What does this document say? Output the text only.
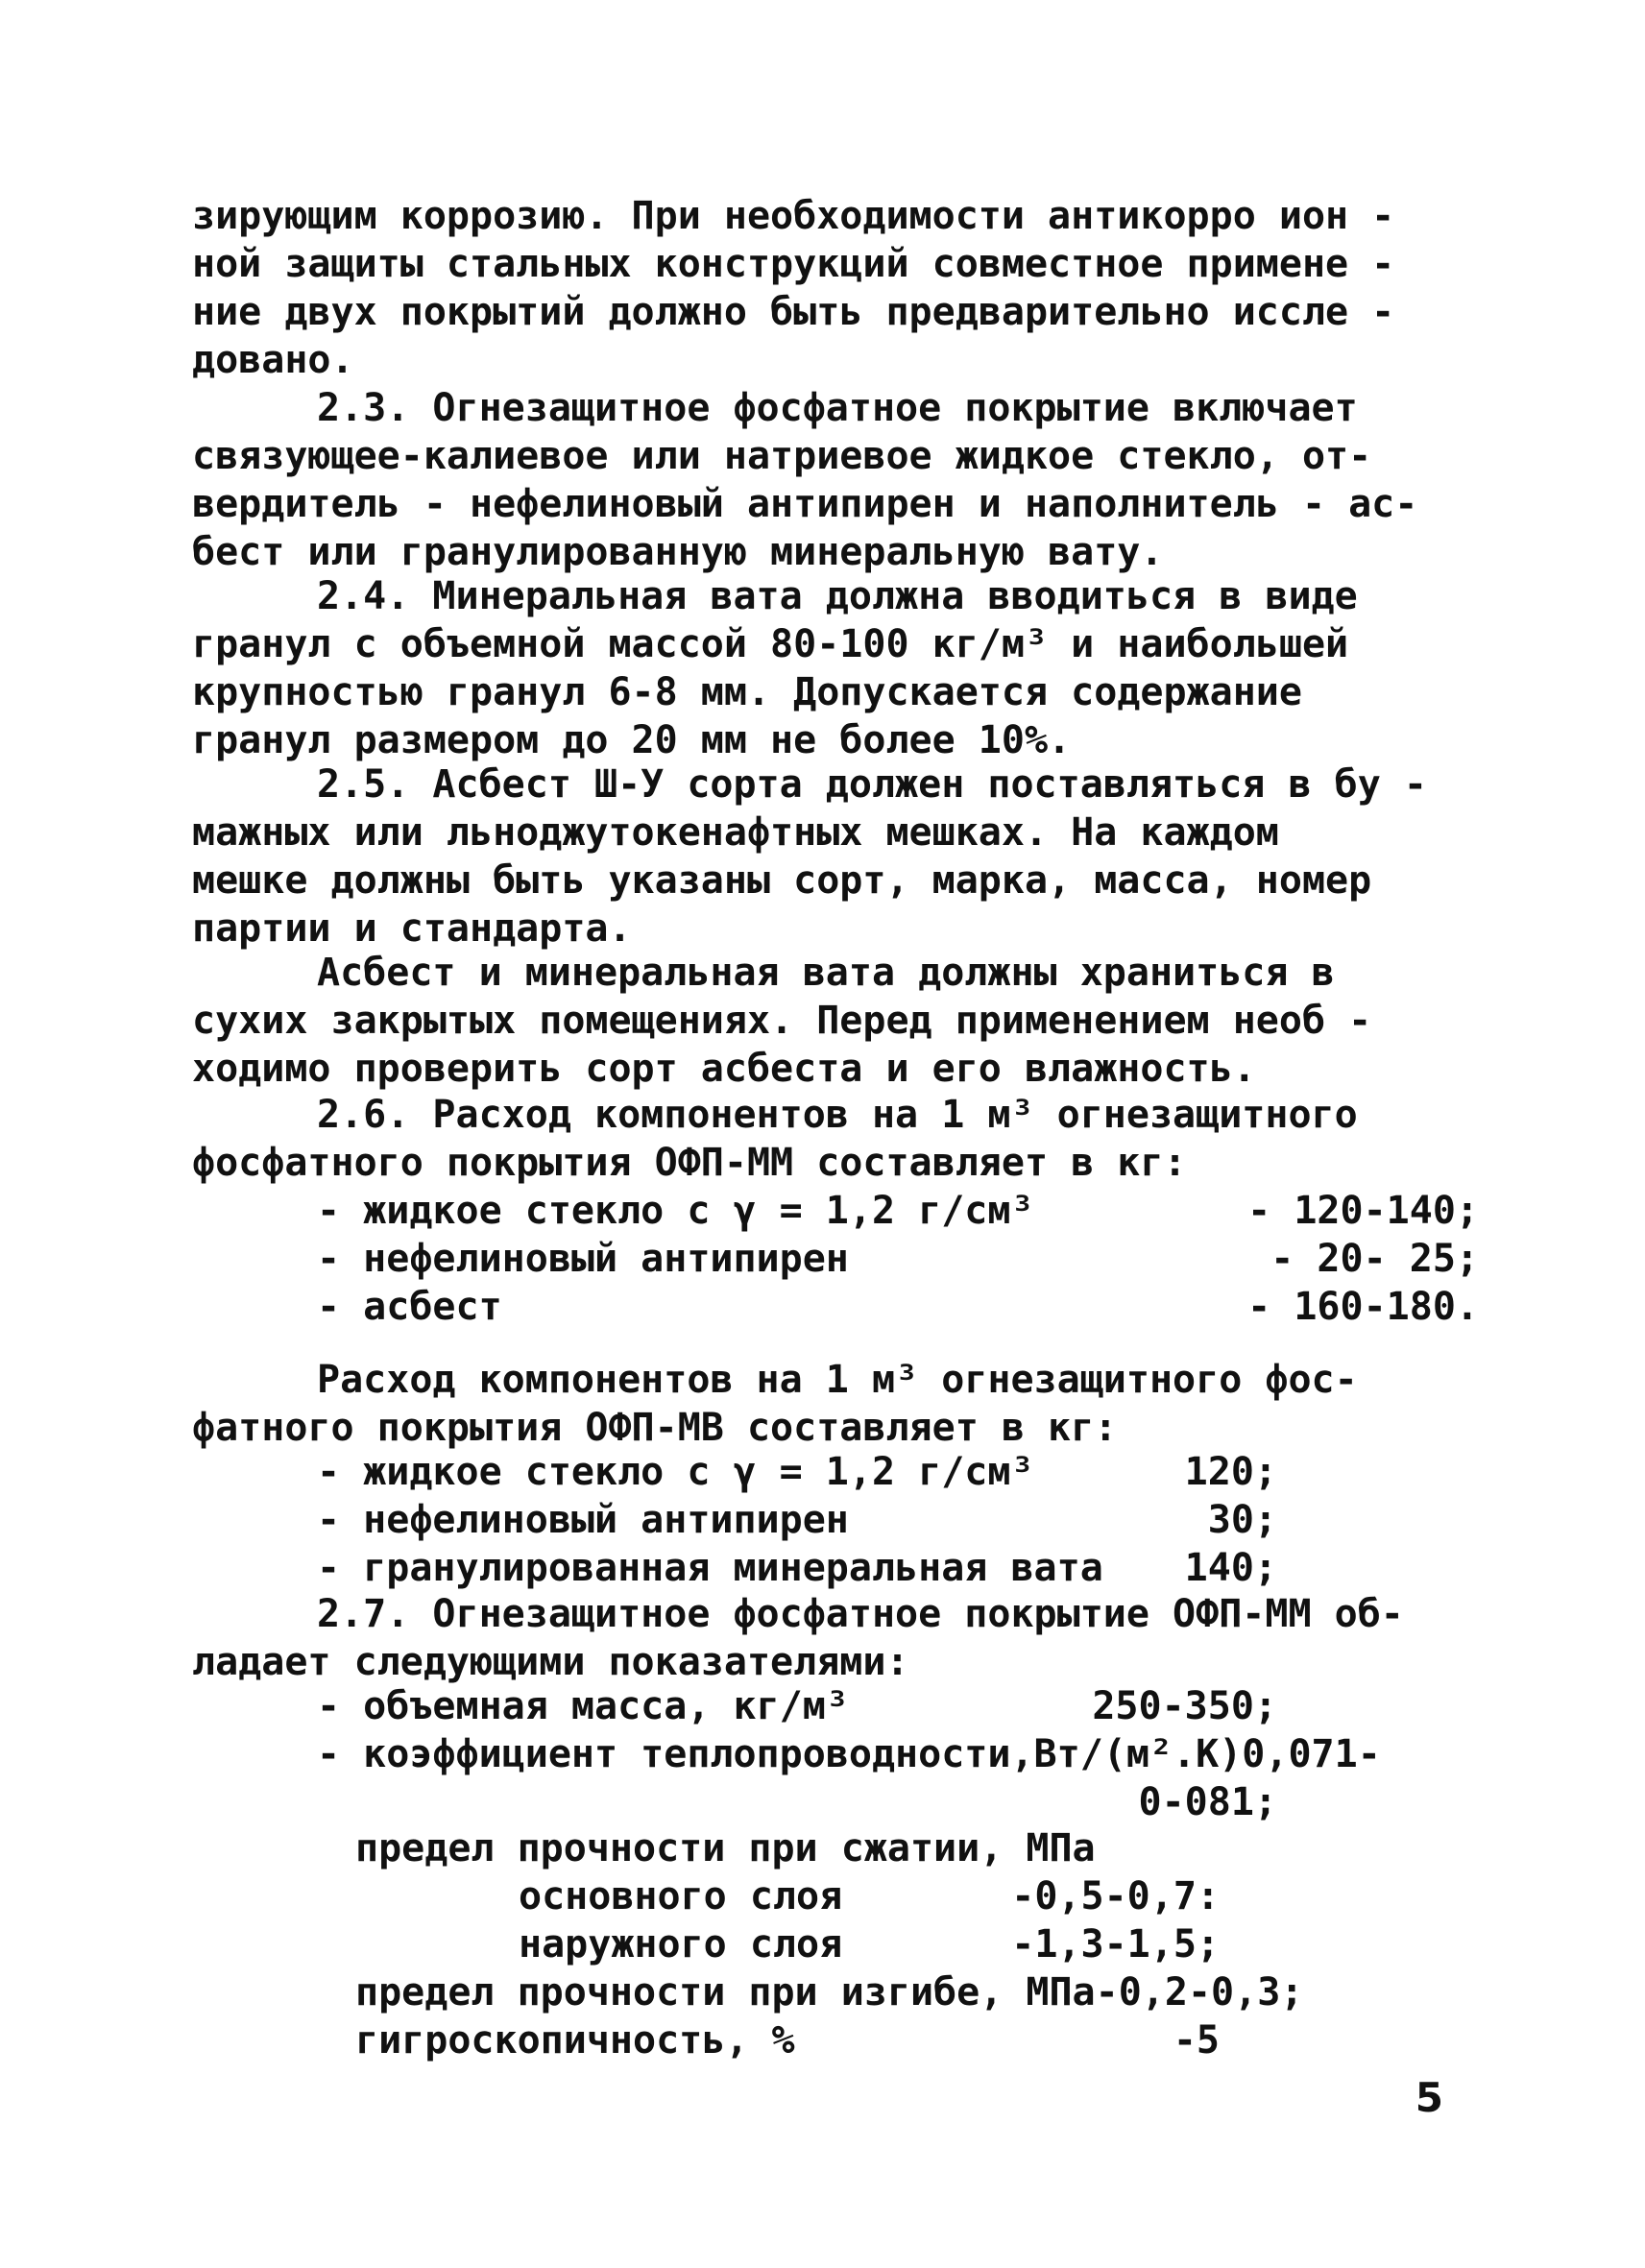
зирующим коррозию. При необходимости антикорро ион -
ной защиты стальных конструкций совместное примене -
ние двух покрытий должно быть предварительно иссле -
довано.

2.3. Огнезащитное фосфатное покрытие включает
связующее-калиевое или натриевое жидкое стекло, от-
вердитель - нефелиновый антипирен и наполнитель - ас-
бест или гранулированную минеральную вату.

2.4. Минеральная вата должна вводиться в виде
гранул с объемной массой 80-100 кг/м³ и наибольшей
крупностью гранул 6-8 мм. Допускается содержание
гранул размером до 20 мм не более 10%.

2.5. Асбест Ш-У сорта должен поставляться в бу -
мажных или льнoджутокенафтных мешках. На каждом
мешке должны быть указаны сорт, марка, масса, номер
партии и стандарта.

Асбест и минеральная вата должны храниться в
сухих закрытых помещениях. Перед применением необ -
ходимо проверить сорт асбеста и его влажность.

2.6. Расход компонентов на 1 м³ огнезащитного
фосфатного покрытия ОФП-ММ составляет в кг:

- жидкое стекло с γ = 1,2 г/см³	- 120-140;
- нефелиновый антипирен	- 20- 25;
- асбест	- 160-180.

Расход компонентов на 1 м³ огнезащитного фос-
фатного покрытия ОФП-МВ составляет в кг:

- жидкое стекло с γ = 1,2 г/см³	120;
- нефелиновый антипирен	30;
- гранулированная минеральная вата 140;

2.7. Огнезащитное фосфатное покрытие ОФП-ММ об-
ладает следующими показателями:

- объемная масса, кг/м³	250-350;
- коэффициент теплопроводности,Вт/(м².К) 0,071-
0-081;
предел прочности при сжатии, МПа
основного слоя	-0,5-0,7:
наружного слоя	-1,3-1,5;
предел прочности при изгибе, МПа -0,2-0,3;
гигроскопичность, %	-5
5
